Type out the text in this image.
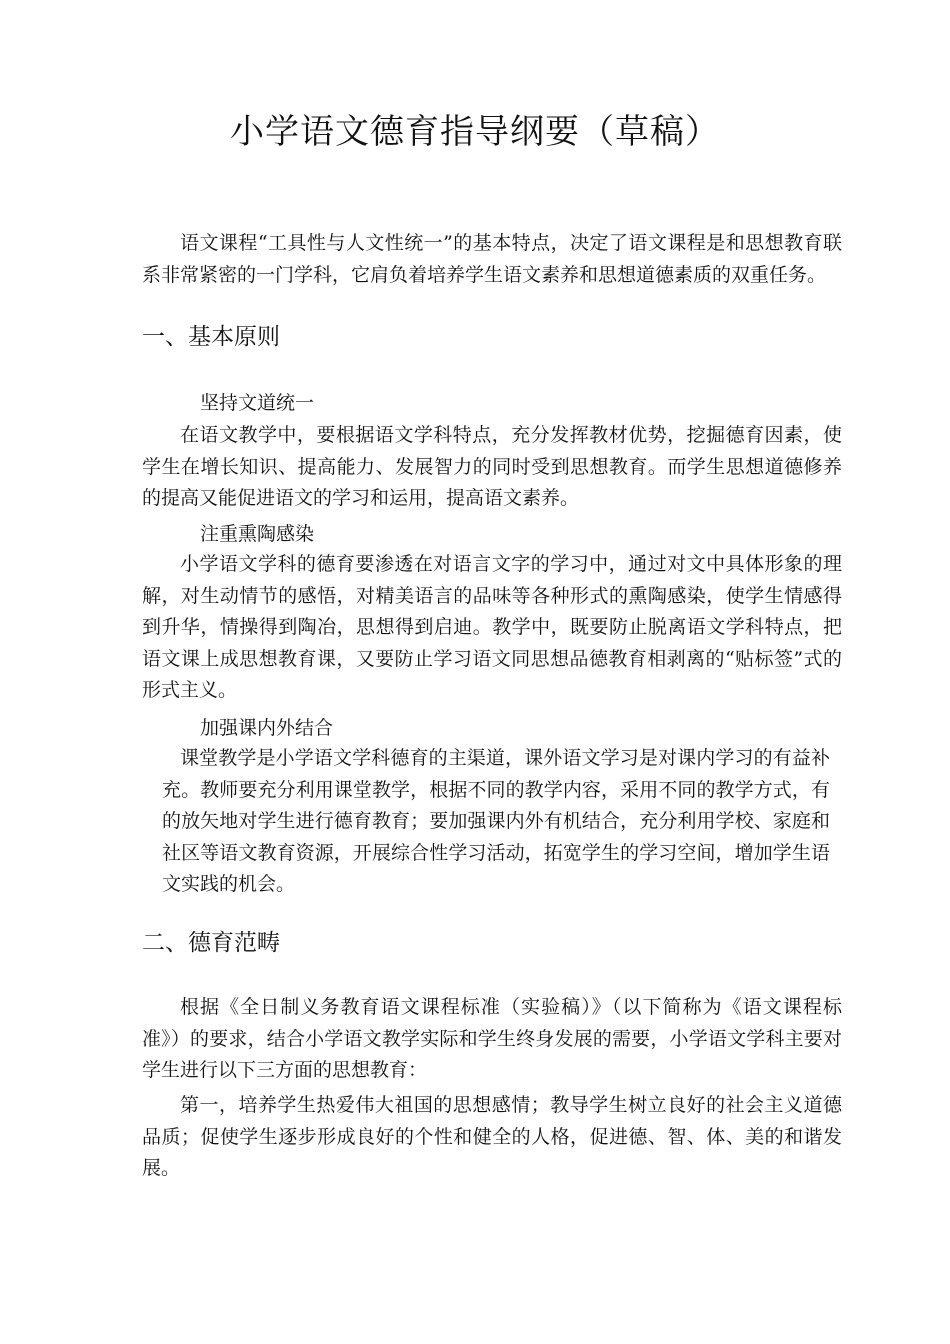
小学语文德育指导纲要（草稿）

语文课程“工具性与人文性统一”的基本特点，决定了语文课程是和思想教育联系非常紧密的一门学科，它肩负着培养学生语文素养和思想道德素质的双重任务。

一、基本原则
坚持文道统一

在语文教学中，要根据语文学科特点，充分发挥教材优势，挖掘德育因素，使学生在增长知识、提高能力、发展智力的同时受到思想教育。而学生思想道德修养的提高又能促进语文的学习和运用，提高语文素养。

注重熏陶感染

小学语文学科的德育要渗透在对语言文字的学习中，通过对文中具体形象的理解，对生动情节的感悟，对精美语言的品味等各种形式的熏陶感染，使学生情感得到升华，情操得到陶冶，思想得到启迪。教学中，既要防止脱离语文学科特点，把语文课上成思想教育课，又要防止学习语文同思想品德教育相剥离的“贴标签”式的形式主义。

加强课内外结合

课堂教学是小学语文学科德育的主渠道，课外语文学习是对课内学习的有益补充。教师要充分利用课堂教学，根据不同的教学内容，采用不同的教学方式，有的放矢地对学生进行德育教育；要加强课内外有机结合，充分利用学校、家庭和社区等语文教育资源，开展综合性学习活动，拓宽学生的学习空间，增加学生语文实践的机会。

二、德育范畴

根据《全日制义务教育语文课程标准（实验稿）》（以下简称为《语文课程标准》）的要求，结合小学语文教学实际和学生终身发展的需要，小学语文学科主要对学生进行以下三方面的思想教育：

第一，培养学生热爱伟大祖国的思想感情；教导学生树立良好的社会主义道德品质；促使学生逐步形成良好的个性和健全的人格，促进德、智、体、美的和谐发展。
